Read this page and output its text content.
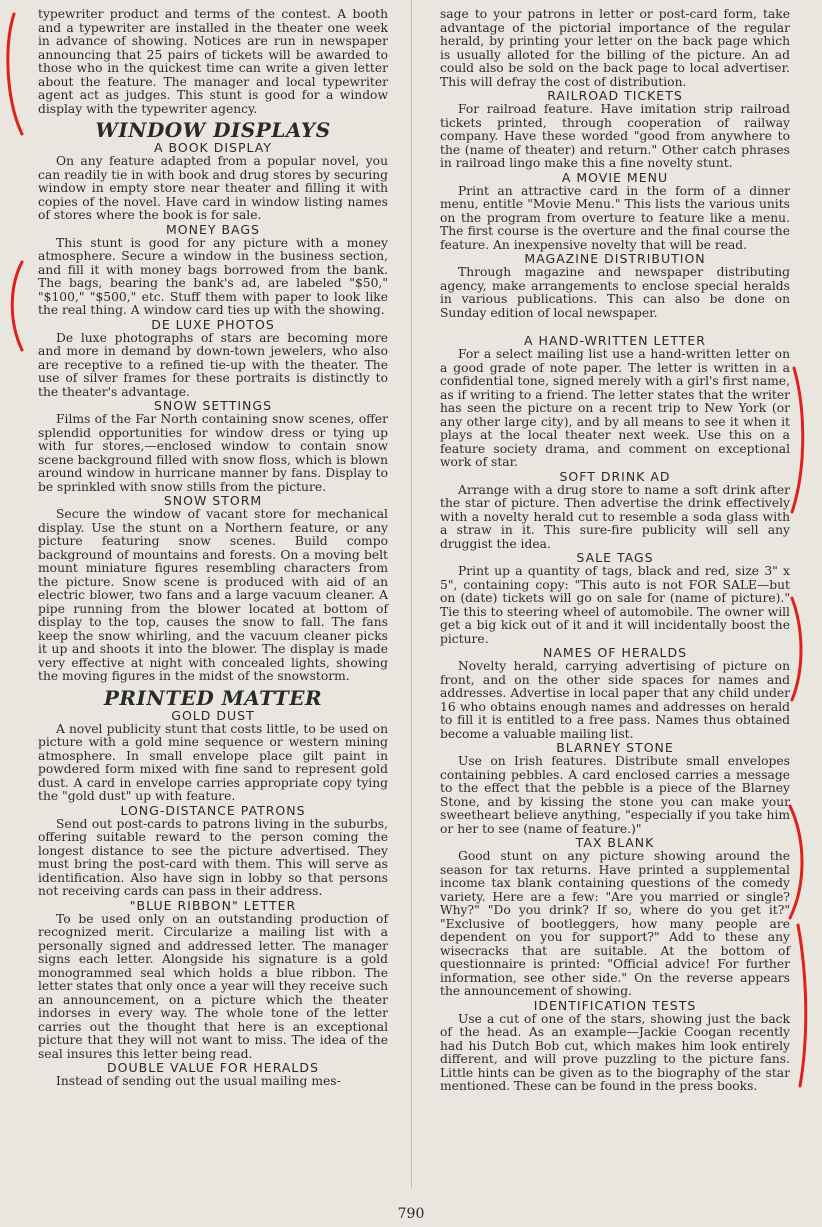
typewriter product and terms of the contest. A booth and a typewriter are installed in the theater one week in advance of showing. Notices are run in newspaper announcing that 25 pairs of tickets will be awarded to those who in the quickest time can write a given letter about the feature. The manager and local typewriter agent act as judges. This stunt is good for a window display with the typewriter agency.

WINDOW DISPLAYS
A BOOK DISPLAY

On any feature adapted from a popular novel, you can readily tie in with book and drug stores by securing window in empty store near theater and filling it with copies of the novel. Have card in window listing names of stores where the book is for sale.

MONEY BAGS

This stunt is good for any picture with a money atmosphere. Secure a window in the business section, and fill it with money bags borrowed from the bank. The bags, bearing the bank's ad, are labeled "$50," "$100," "$500," etc. Stuff them with paper to look like the real thing. A window card ties up with the showing.

DE LUXE PHOTOS

De luxe photographs of stars are becoming more and more in demand by down-town jewelers, who also are receptive to a refined tie-up with the theater. The use of silver frames for these portraits is distinctly to the theater's advantage.

SNOW SETTINGS

Films of the Far North containing snow scenes, offer splendid opportunities for window dress or tying up with fur stores,—enclosed window to contain snow scene background filled with snow floss, which is blown around window in hurricane manner by fans. Display to be sprinkled with snow stills from the picture.

SNOW STORM

Secure the window of vacant store for mechanical display. Use the stunt on a Northern feature, or any picture featuring snow scenes. Build compo background of mountains and forests. On a moving belt mount miniature figures resembling characters from the picture. Snow scene is produced with aid of an electric blower, two fans and a large vacuum cleaner. A pipe running from the blower located at bottom of display to the top, causes the snow to fall. The fans keep the snow whirling, and the vacuum cleaner picks it up and shoots it into the blower. The display is made very effective at night with concealed lights, showing the moving figures in the midst of the snowstorm.

PRINTED MATTER
GOLD DUST

A novel publicity stunt that costs little, to be used on picture with a gold mine sequence or western mining atmosphere. In small envelope place gilt paint in powdered form mixed with fine sand to represent gold dust. A card in envelope carries appropriate copy tying the "gold dust" up with feature.

LONG-DISTANCE PATRONS

Send out post-cards to patrons living in the suburbs, offering suitable reward to the person coming the longest distance to see the picture advertised. They must bring the post-card with them. This will serve as identification. Also have sign in lobby so that persons not receiving cards can pass in their address.

"BLUE RIBBON" LETTER

To be used only on an outstanding production of recognized merit. Circularize a mailing list with a personally signed and addressed letter. The manager signs each letter. Alongside his signature is a gold monogrammed seal which holds a blue ribbon. The letter states that only once a year will they receive such an announcement, on a picture which the theater indorses in every way. The whole tone of the letter carries out the thought that here is an exceptional picture that they will not want to miss. The idea of the seal insures this letter being read.

DOUBLE VALUE FOR HERALDS

Instead of sending out the usual mailing mes-

sage to your patrons in letter or post-card form, take advantage of the pictorial importance of the regular herald, by printing your letter on the back page which is usually alloted for the billing of the picture. An ad could also be sold on the back page to local advertiser. This will defray the cost of distribution.

RAILROAD TICKETS

For railroad feature. Have imitation strip railroad tickets printed, through cooperation of railway company. Have these worded "good from anywhere to the (name of theater) and return." Other catch phrases in railroad lingo make this a fine novelty stunt.

A MOVIE MENU

Print an attractive card in the form of a dinner menu, entitle "Movie Menu." This lists the various units on the program from overture to feature like a menu. The first course is the overture and the final course the feature. An inexpensive novelty that will be read.

MAGAZINE DISTRIBUTION

Through magazine and newspaper distributing agency, make arrangements to enclose special heralds in various publications. This can also be done on Sunday edition of local newspaper.

A HAND-WRITTEN LETTER

For a select mailing list use a hand-written letter on a good grade of note paper. The letter is written in a confidential tone, signed merely with a girl's first name, as if writing to a friend. The letter states that the writer has seen the picture on a recent trip to New York (or any other large city), and by all means to see it when it plays at the local theater next week. Use this on a feature society drama, and comment on exceptional work of star.

SOFT DRINK AD

Arrange with a drug store to name a soft drink after the star of picture. Then advertise the drink effectively with a novelty herald cut to resemble a soda glass with a straw in it. This sure-fire publicity will sell any druggist the idea.

SALE TAGS

Print up a quantity of tags, black and red, size 3" x 5", containing copy: "This auto is not FOR SALE—but on (date) tickets will go on sale for (name of picture)." Tie this to steering wheel of automobile. The owner will get a big kick out of it and it will incidentally boost the picture.

NAMES OF HERALDS

Novelty herald, carrying advertising of picture on front, and on the other side spaces for names and addresses. Advertise in local paper that any child under 16 who obtains enough names and addresses on herald to fill it is entitled to a free pass. Names thus obtained become a valuable mailing list.

BLARNEY STONE

Use on Irish features. Distribute small envelopes containing pebbles. A card enclosed carries a message to the effect that the pebble is a piece of the Blarney Stone, and by kissing the stone you can make your sweetheart believe anything, "especially if you take him or her to see (name of feature.)"

TAX BLANK

Good stunt on any picture showing around the season for tax returns. Have printed a supplemental income tax blank containing questions of the comedy variety. Here are a few: "Are you married or single? Why?" "Do you drink? If so, where do you get it?" "Exclusive of bootleggers, how many people are dependent on you for support?" Add to these any wisecracks that are suitable. At the bottom of questionnaire is printed: "Official advice! For further information, see other side." On the reverse appears the announcement of showing.

IDENTIFICATION TESTS

Use a cut of one of the stars, showing just the back of the head. As an example—Jackie Coogan recently had his Dutch Bob cut, which makes him look entirely different, and will prove puzzling to the picture fans. Little hints can be given as to the biography of the star mentioned. These can be found in the press books.

790
